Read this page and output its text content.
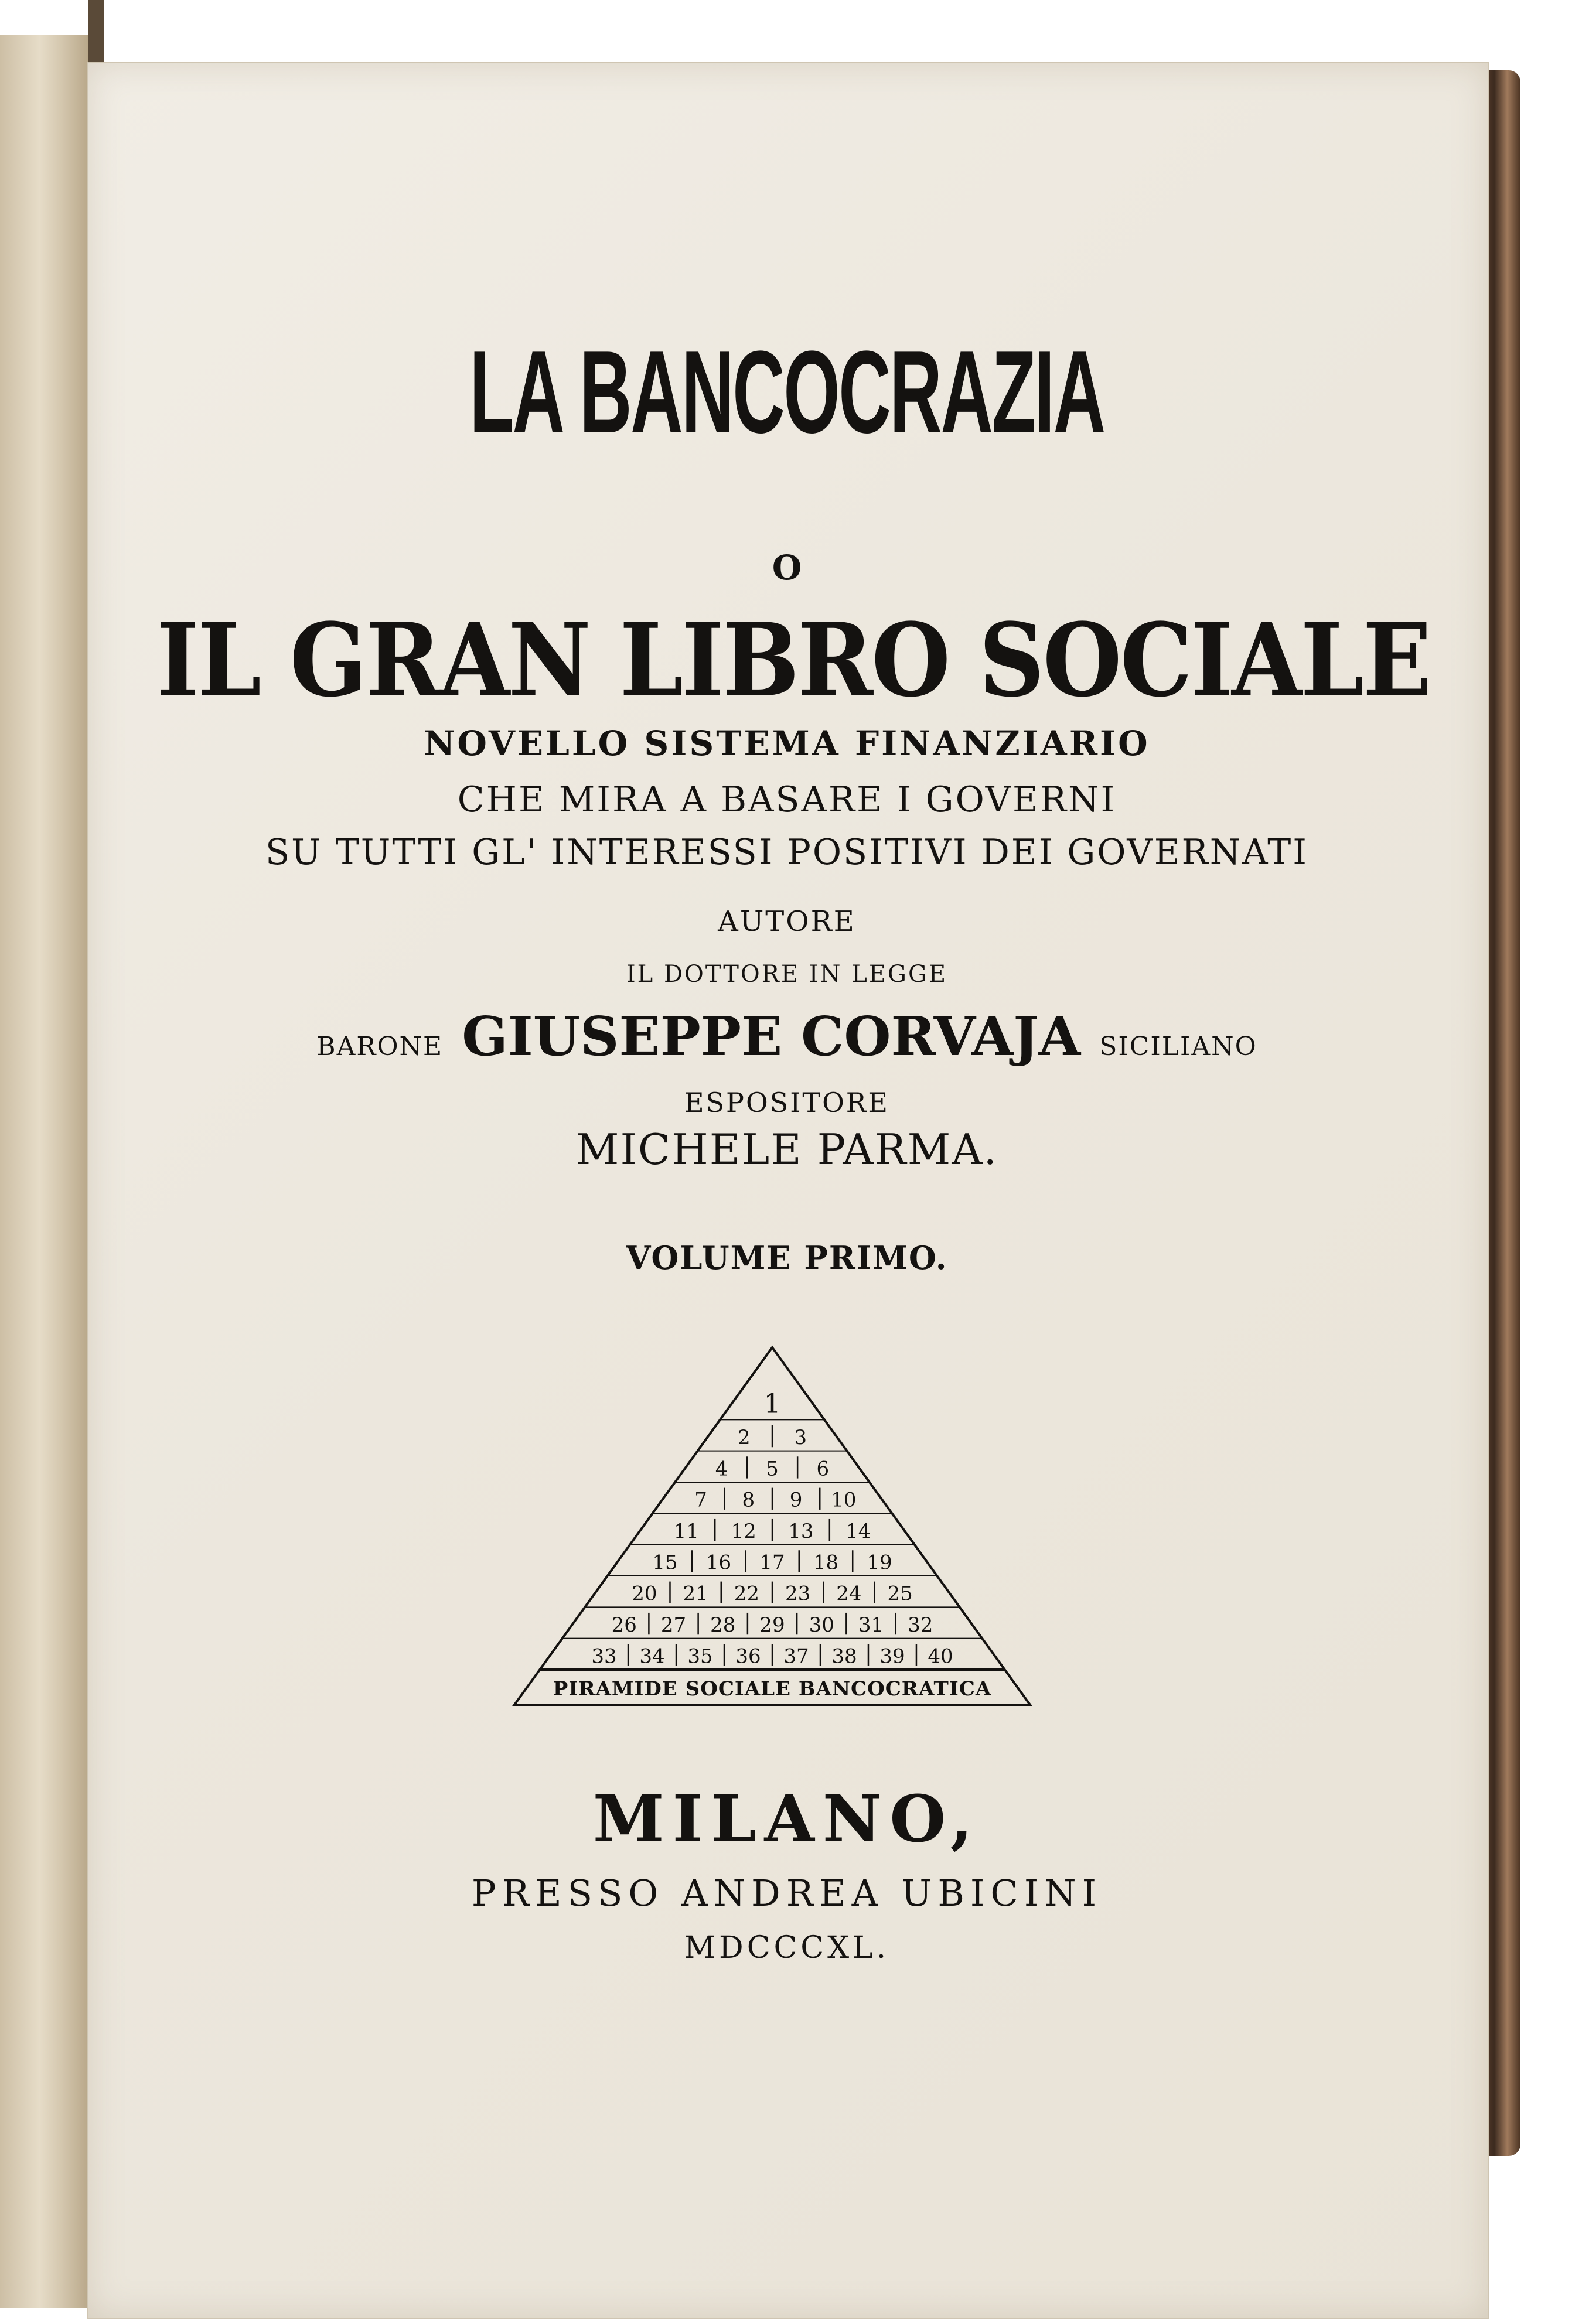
LA BANCOCRAZIA
O
IL GRAN LIBRO SOCIALE
NOVELLO SISTEMA FINANZIARIO
CHE MIRA A BASARE I GOVERNI
SU TUTTI GL' INTERESSI POSITIVI DEI GOVERNATI
AUTORE
IL DOTTORE IN LEGGE
BARONE GIUSEPPE CORVAJA SICILIANO
ESPOSITORE
MICHELE PARMA.
VOLUME PRIMO.
1
2 3
4 5 6
7 8 9 10
11 12 13 14
15 16 17 18 19
20 21 22 23 24 25
26 27 28 29 30 31 32
33 34 35 36 37 38 39 40
PIRAMIDE SOCIALE BANCOCRATICA
MILANO,
PRESSO ANDREA UBICINI
MDCCCXL.
